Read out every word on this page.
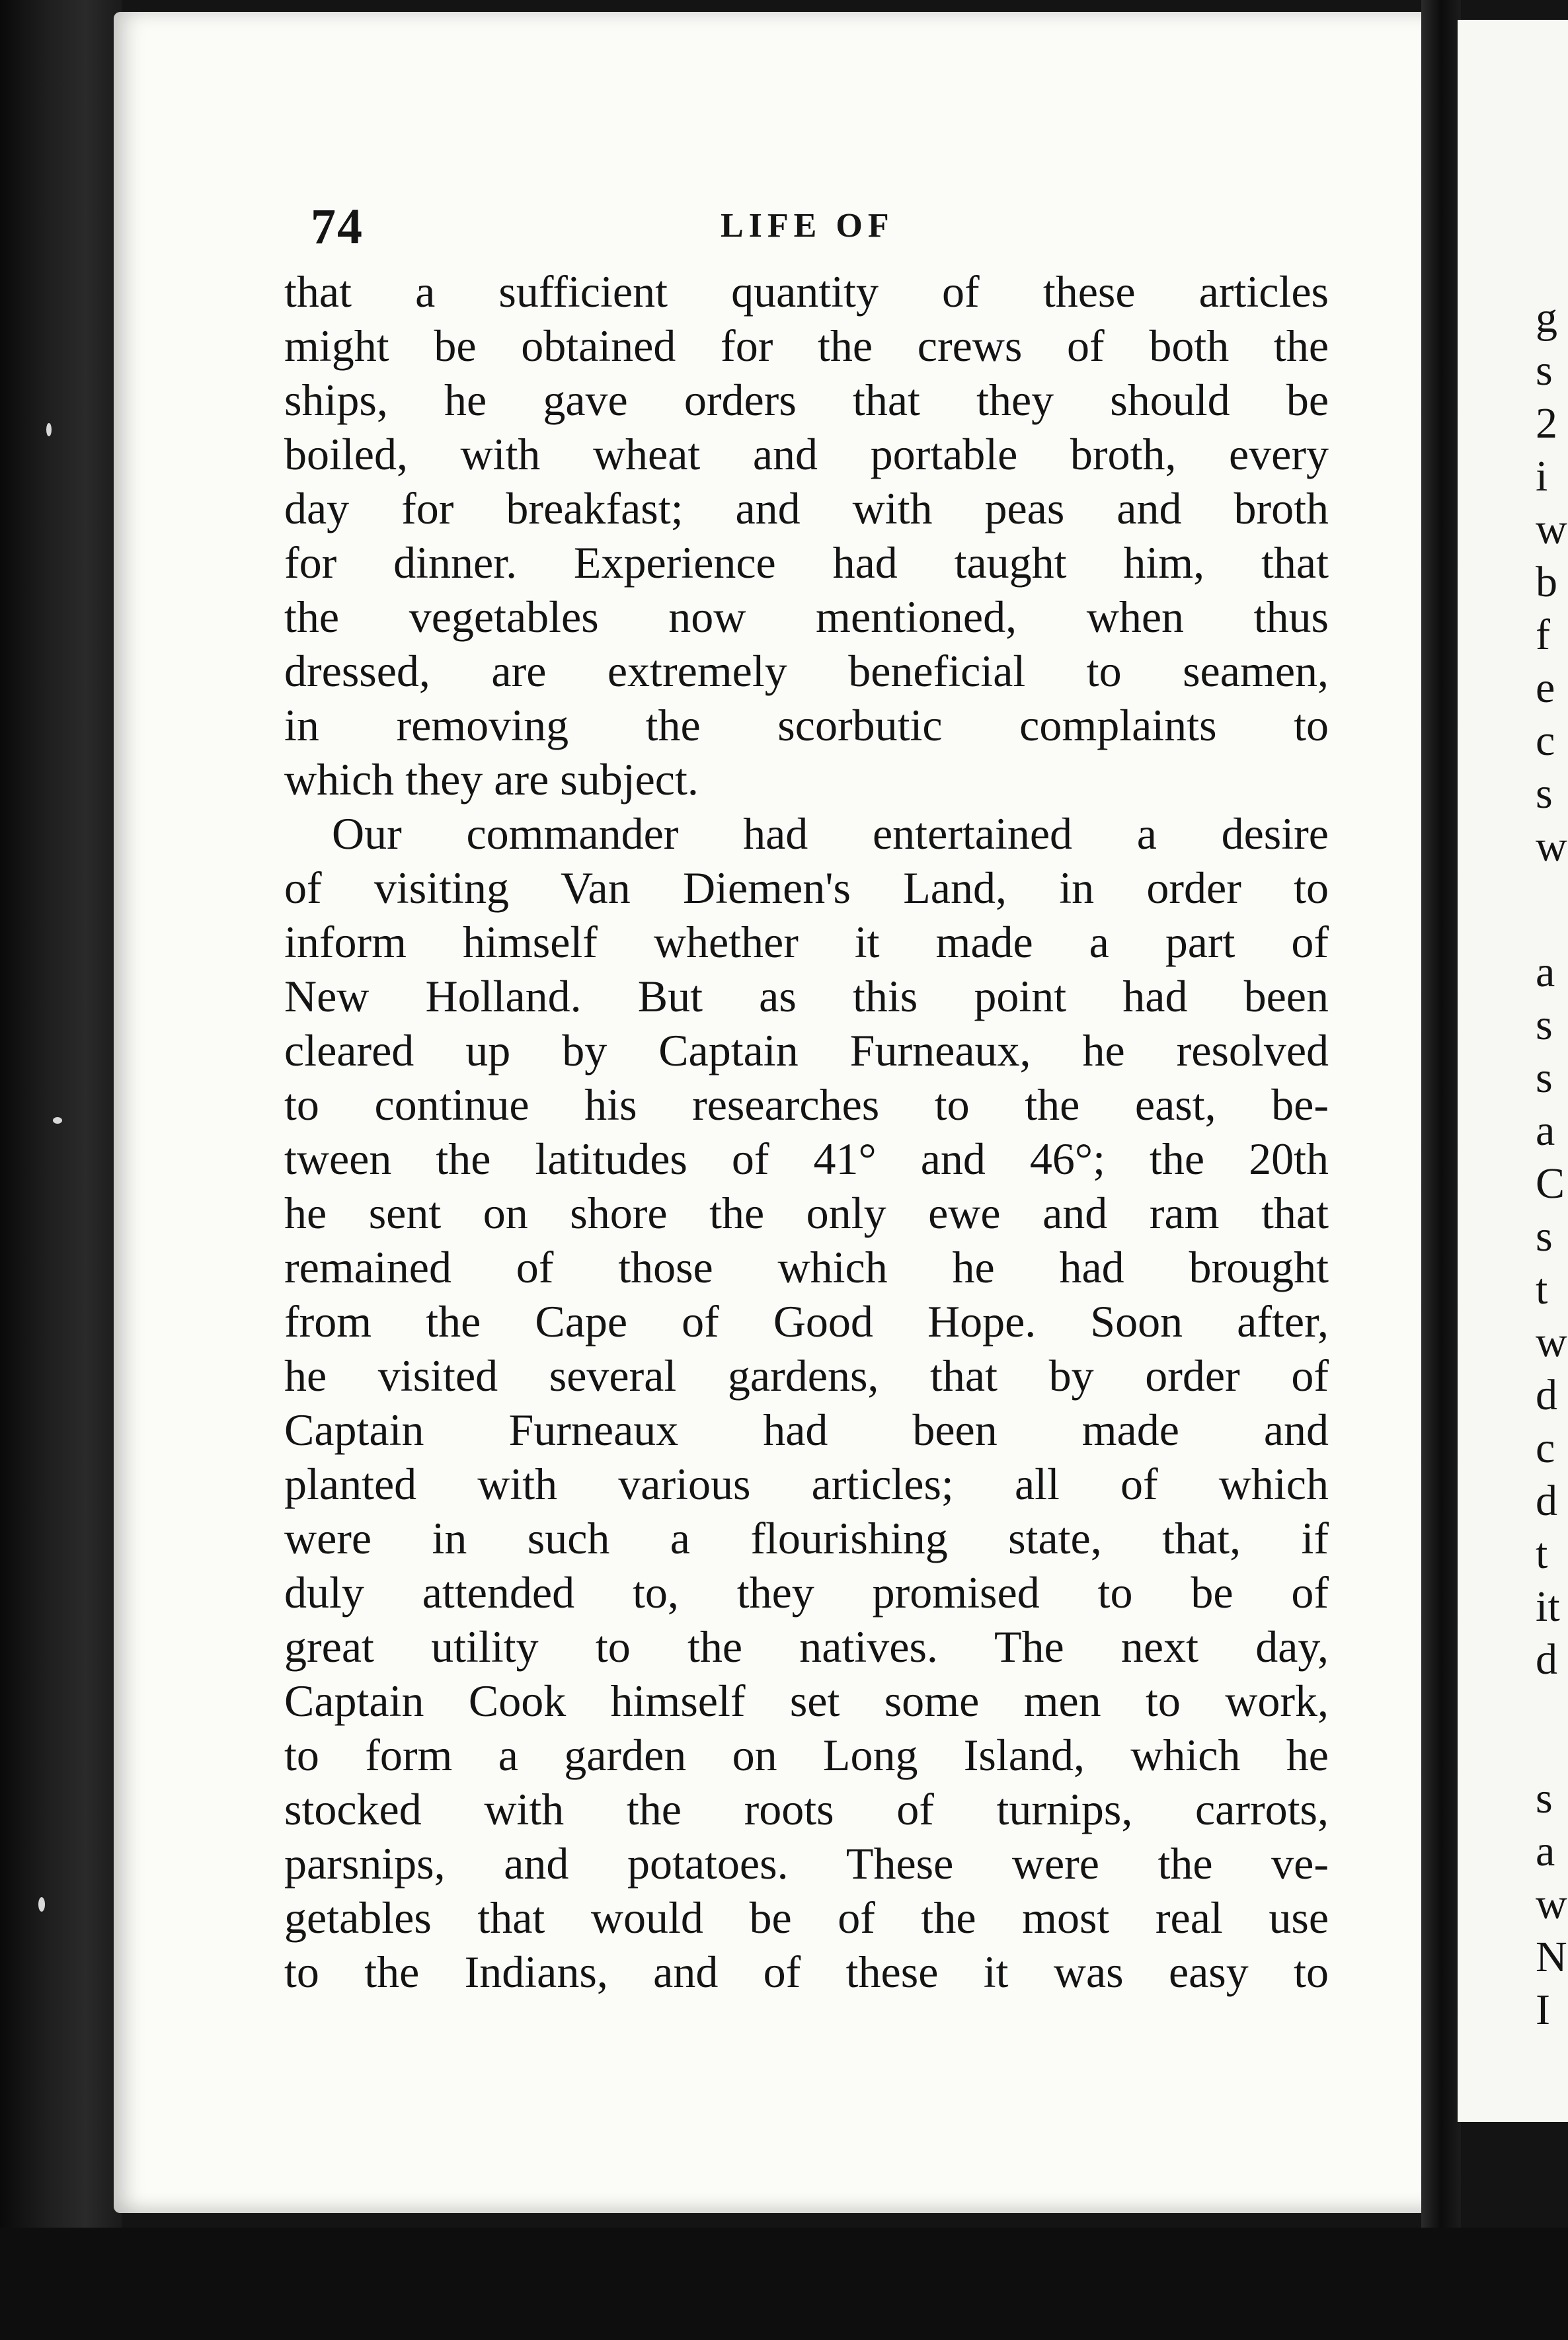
g
s
2
i
w
b
f
e
c
s
w
a
s
s
a
C
s
t
w
d
c
d
t
it
d
s
a
w
N
I
74	LIFE OF
that a sufficient quantity of these articles
might be obtained for the crews of both the
ships, he gave orders that they should be
boiled, with wheat and portable broth, every
day for breakfast; and with peas and broth
for dinner. Experience had taught him, that
the vegetables now mentioned, when thus
dressed, are extremely beneficial to seamen,
in removing the scorbutic complaints to
which they are subject.
Our commander had entertained a desire
of visiting Van Diemen's Land, in order to
inform himself whether it made a part of
New Holland. But as this point had been
cleared up by Captain Furneaux, he resolved
to continue his researches to the east, be-
tween the latitudes of 41° and 46°; the 20th
he sent on shore the only ewe and ram that
remained of those which he had brought
from the Cape of Good Hope. Soon after,
he visited several gardens, that by order of
Captain Furneaux had been made and
planted with various articles; all of which
were in such a flourishing state, that, if
duly attended to, they promised to be of
great utility to the natives. The next day,
Captain Cook himself set some men to work,
to form a garden on Long Island, which he
stocked with the roots of turnips, carrots,
parsnips, and potatoes. These were the ve-
getables that would be of the most real use
to the Indians, and of these it was easy to
